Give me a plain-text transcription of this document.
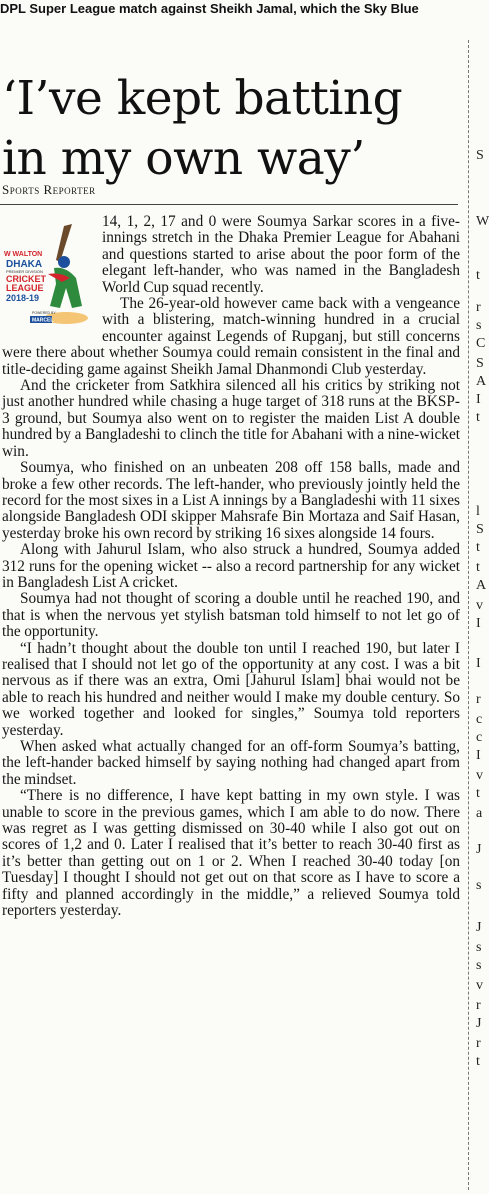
DPL Super League match against Sheikh Jamal, which the Sky Blue
‘I’ve kept batting
in my own way’
Sports Reporter

14, 1, 2, 17 and 0 were Soumya Sarkar scores in a five-innings stretch in the Dhaka Premier League for Abahani and questions started to arise about the poor form of the elegant left-hander, who was named in the Bangladesh World Cup squad recently.

The 26-year-old however came back with a vengeance with a blistering, match-winning hundred in a crucial encounter against Legends of Rupganj, but still concerns were there about whether Soumya could remain consistent in the final and title-deciding game against Sheikh Jamal Dhanmondi Club yesterday.

And the cricketer from Satkhira silenced all his critics by striking not just another hundred while chasing a huge target of 318 runs at the BKSP-3 ground, but Soumya also went on to register the maiden List A double hundred by a Bangladeshi to clinch the title for Abahani with a nine-wicket win.

Soumya, who finished on an unbeaten 208 off 158 balls, made and broke a few other records. The left-hander, who previously jointly held the record for the most sixes in a List A innings by a Bangladeshi with 11 sixes alongside Bangladesh ODI skipper Mahsrafe Bin Mortaza and Saif Hasan, yesterday broke his own record by striking 16 sixes alongside 14 fours.

Along with Jahurul Islam, who also struck a hundred, Soumya added 312 runs for the opening wicket -- also a record partnership for any wicket in Bangladesh List A cricket.

Soumya had not thought of scoring a double until he reached 190, and that is when the nervous yet stylish batsman told himself to not let go of the opportunity.

“I hadn’t thought about the double ton until I reached 190, but later I realised that I should not let go of the opportunity at any cost. I was a bit nervous as if there was an extra, Omi [Jahurul Islam] bhai would not be able to reach his hundred and neither would I make my double century. So we worked together and looked for singles,” Soumya told reporters yesterday.

When asked what actually changed for an off-form Soumya’s batting, the left-hander backed himself by saying nothing had changed apart from the mindset.

“There is no difference, I have kept batting in my own style. I was unable to score in the previous games, which I am able to do now. There was regret as I was getting dismissed on 30-40 while I also got out on scores of 1,2 and 0. Later I realised that it’s better to reach 30-40 first as it’s better than getting out on 1 or 2. When I reached 30-40 today [on Tuesday] I thought I should not get out on that score as I have to score a fifty and planned accordingly in the middle,” a relieved Soumya told reporters yesterday.

W WALTON
DHAKA
PREMIER DIVISION
CRICKET
LEAGUE
2018-19
POWERED BY
MARCEL
S
W
t
r
s
C
S
A
I
t
l
S
t
t
A
v
I
I
r
c
c
I
v
t
a
J
s
J
s
s
v
r
J
r
t
